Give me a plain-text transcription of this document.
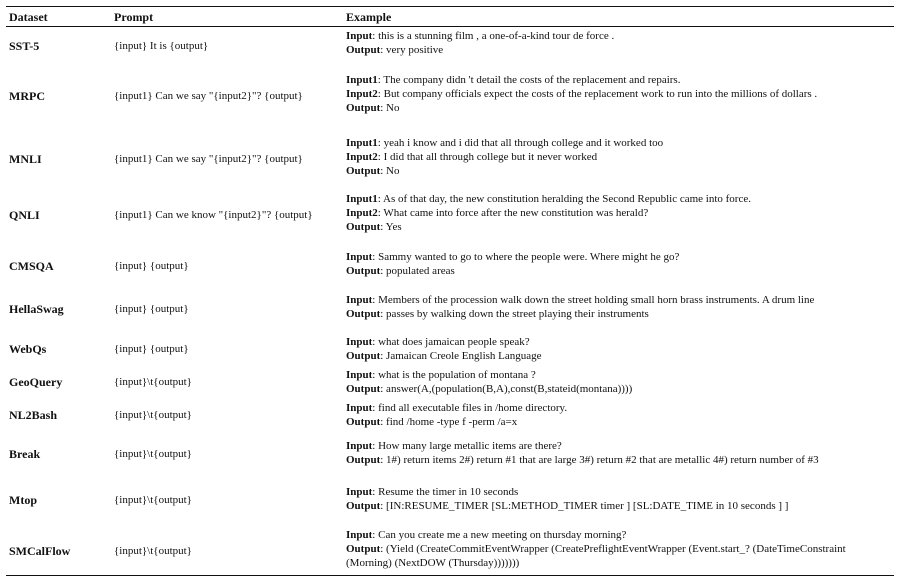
Dataset	Prompt	Example
SST-5	{input} It is {output}
Input: this is a stunning film , a one-of-a-kind tour de force .
Output: very positive
MRPC	{input1} Can we say "{input2}"? {output}
Input1: The company didn 't detail the costs of the replacement and repairs.
Input2: But company officials expect the costs of the replacement work to run into the millions of dollars .
Output: No
MNLI	{input1} Can we say "{input2}"? {output}
Input1: yeah i know and i did that all through college and it worked too
Input2: I did that all through college but it never worked
Output: No
QNLI	{input1} Can we know "{input2}"? {output}
Input1: As of that day, the new constitution heralding the Second Republic came into force.
Input2: What came into force after the new constitution was herald?
Output: Yes
CMSQA	{input} {output}
Input: Sammy wanted to go to where the people were. Where might he go?
Output: populated areas
HellaSwag	{input} {output}
Input: Members of the procession walk down the street holding small horn brass instruments. A drum line
Output: passes by walking down the street playing their instruments
WebQs	{input} {output}
Input: what does jamaican people speak?
Output: Jamaican Creole English Language
GeoQuery	{input}\t{output}
Input: what is the population of montana ?
Output: answer(A,(population(B,A),const(B,stateid(montana))))
NL2Bash	{input}\t{output}
Input: find all executable files in /home directory.
Output: find /home -type f -perm /a=x
Break	{input}\t{output}
Input: How many large metallic items are there?
Output: 1#) return items 2#) return #1 that are large 3#) return #2 that are metallic 4#) return number of #3
Mtop	{input}\t{output}
Input: Resume the timer in 10 seconds
Output: [IN:RESUME_TIMER [SL:METHOD_TIMER timer ] [SL:DATE_TIME in 10 seconds ] ]
SMCalFlow	{input}\t{output}
Input: Can you create me a new meeting on thursday morning?
Output: (Yield (CreateCommitEventWrapper (CreatePreflightEventWrapper (Event.start_? (DateTimeConstraint (Morning) (NextDOW (Thursday)))))))
